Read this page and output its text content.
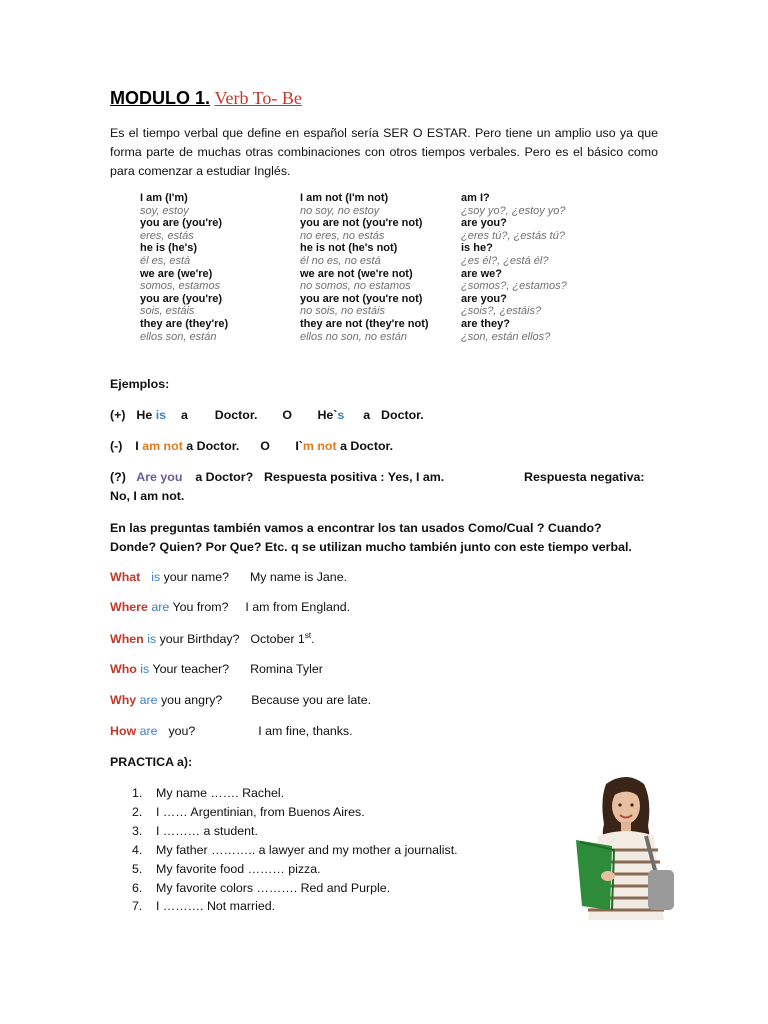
MODULO 1. Verb To- Be
Es el tiempo verbal que define en español sería SER O ESTAR. Pero tiene un amplio uso ya que forma parte de muchas otras combinaciones con otros tiempos verbales. Pero es el básico como para comenzar a estudiar Inglés.
I am (I'm)
soy, estoy
you are (you're)
eres, estás
he is (he's)
él es, está
we are (we're)
somos, estamos
you are (you're)
sois, estáis
they are (they're)
ellos son, están
I am not (I'm not)
no soy, no estoy
you are not (you're not)
no eres, no estás
he is not (he's not)
él no es, no está
we are not (we're not)
no somos, no estamos
you are not (you're not)
no sois, no estáis
they are not (they're not)
ellos no son, no están
am I?
¿soy yo?, ¿estoy yo?
are you?
¿eres tú?, ¿estás tú?
is he?
¿es él?, ¿está él?
are we?
¿somos?, ¿estamos?
are you?
¿sois?, ¿estáis?
are they?
¿son, están ellos?
Ejemplos:
(+) He is a Doctor. O He`s a Doctor.
(-) I am not a Doctor. O I`m not a Doctor.
(?) Are you a Doctor? Respuesta positiva : Yes, I am.	Respuesta negativa:
No, I am not.
En las preguntas también vamos a encontrar los tan usados Como/Cual ? Cuando? Donde? Quien? Por Que? Etc. q se utilizan mucho también junto con este tiempo verbal.
What is your name? My name is Jane.
Where are You from? I am from England.
When is your Birthday? October 1st.
Who is Your teacher? Romina Tyler
Why are you angry? Because you are late.
How are you?	I am fine, thanks.
PRACTICA a):
1. My name ……. Rachel.
2. I …… Argentinian, from Buenos Aires.
3. I ……… a student.
4. My father ……….. a lawyer and my mother a journalist.
5. My favorite food ……… pizza.
6. My favorite colors ………. Red and Purple.
7. I ………. Not married.
